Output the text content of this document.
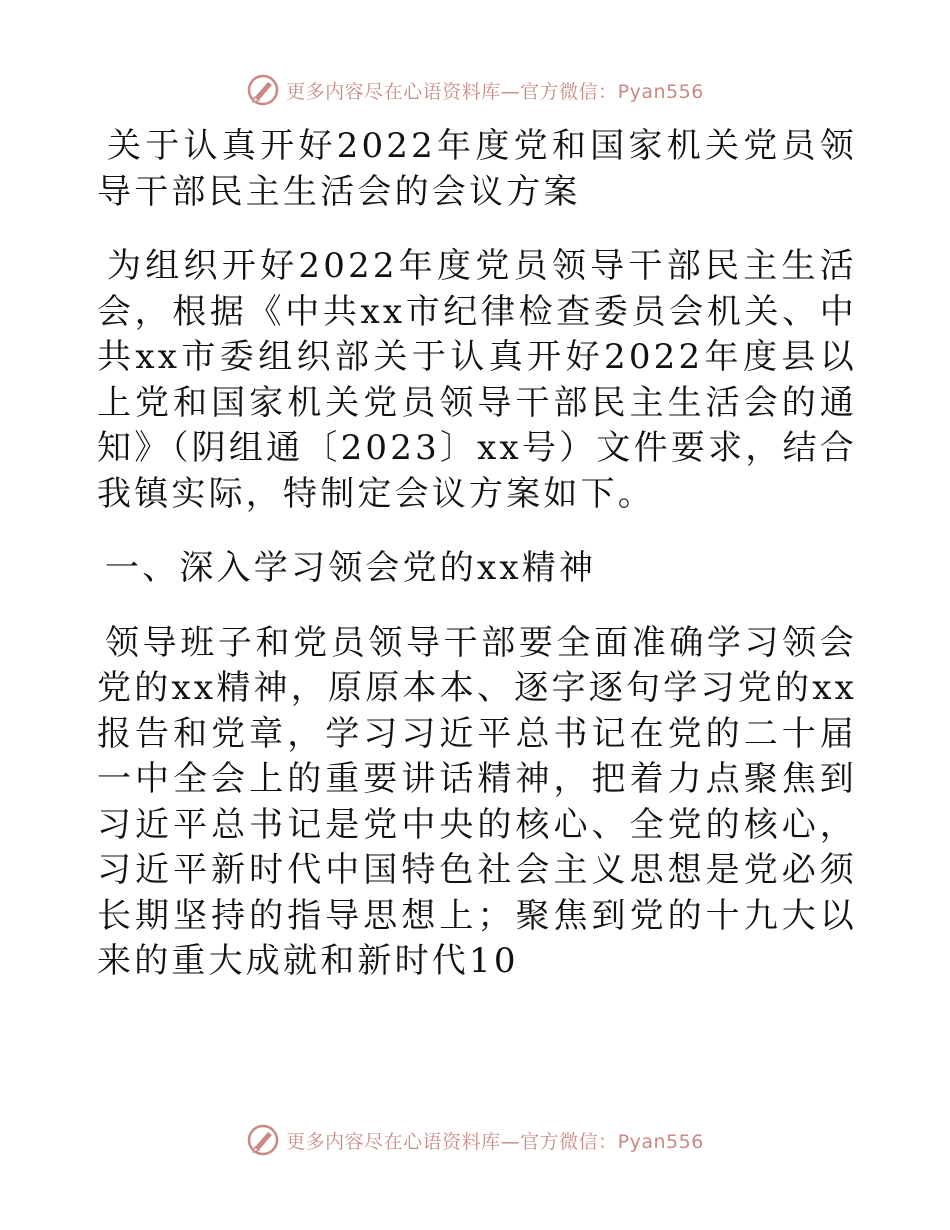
更多内容尽在心语资料库—官方微信：Pyan556

关于认真开好2022年度党和国家机关党员领导干部民主生活会的会议方案

为组织开好2022年度党员领导干部民主生活会，根据《中共xx市纪律检查委员会机关、中共xx市委组织部关于认真开好2022年度县以上党和国家机关党员领导干部民主生活会的通知》（阴组通〔2023〕xx号）文件要求，结合我镇实际，特制定会议方案如下。

一、深入学习领会党的xx精神

领导班子和党员领导干部要全面准确学习领会党的xx精神，原原本本、逐字逐句学习党的xx报告和党章，学习习近平总书记在党的二十届一中全会上的重要讲话精神，把着力点聚焦到习近平总书记是党中央的核心、全党的核心，习近平新时代中国特色社会主义思想是党必须长期坚持的指导思想上；聚焦到党的十九大以来的重大成就和新时代10

更多内容尽在心语资料库—官方微信：Pyan556
